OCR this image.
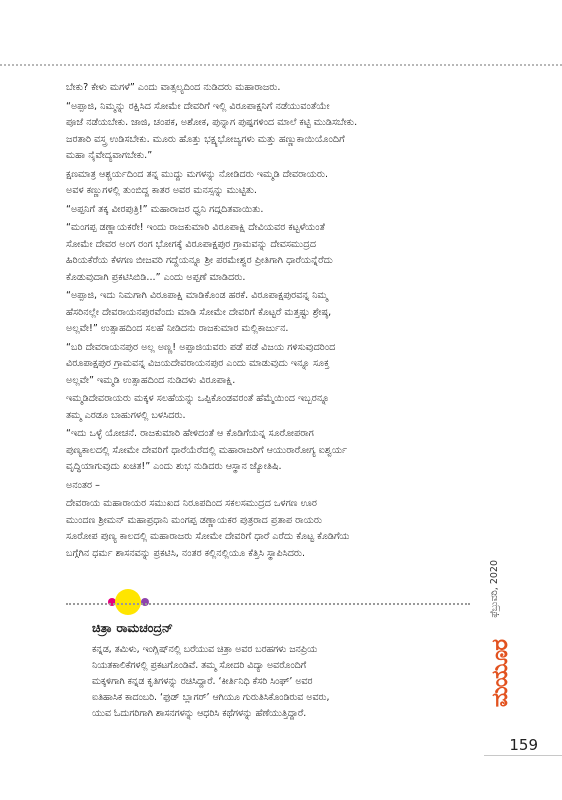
ಬೇಕು? ಕೇಳು ಮಗಳೆ” ಎಂದು ವಾತ್ಸಲ್ಯದಿಂದ ನುಡಿದರು ಮಹಾರಾಜರು.

“ಅಪ್ಪಾಜಿ, ನಿಮ್ಮನ್ನು ರಕ್ಷಿಸಿದ ಸೋಮೇ ದೇವರಿಗೆ ಇಲ್ಲಿ ವಿರೂಪಾಕ್ಷನಿಗೆ ನಡೆಯುವಂತೆಯೇ
ಪೂಜೆ ನಡೆಯಬೇಕು. ಜಾಜಿ, ಚಂಪಕ, ಅಶೋಕ, ಪುನ್ನಾಗ ಪುಷ್ಪಗಳಿಂದ ಮಾಲೆ ಕಟ್ಟಿ ಮುಡಿಸಬೇಕು.
ಜರತಾರಿ ವಸ್ತ್ರ ಉಡಿಸಬೇಕು. ಮೂರು ಹೊತ್ತು ಭಕ್ಷ್ಯಭೋಜ್ಯಗಳು ಮತ್ತು ಹಣ್ಣುಕಾಯಿಯೊಂದಿಗೆ
ಮಹಾ ನೈವೇದ್ಯವಾಗಬೇಕು.”

ಕ್ಷಣಮಾತ್ರ ಆಶ್ಚರ್ಯದಿಂದ ತನ್ನ ಮುದ್ದು ಮಗಳನ್ನು ನೋಡಿದರು ಇಮ್ಮಡಿ ದೇವರಾಯರು.
ಅವಳ ಕಣ್ಣುಗಳಲ್ಲಿ ತುಂಬಿದ್ದ ಕಾತರ ಅವರ ಮನಸ್ಸನ್ನು ಮುಟ್ಟಿತು.

“ಅಪ್ಪನಿಗೆ ತಕ್ಕ ವೀರಪುತ್ರಿ!” ಮಹಾರಾಜರ ಧ್ವನಿ ಗದ್ಗದಿತವಾಯಿತು.

“ಮಂಗಪ್ಪ ಡಣ್ಣಾಯಕರೇ! ಇಂದು ರಾಜಕುಮಾರಿ ವಿರೂಪಾಕ್ಷಿ ದೇವಿಯವರ ಕಟ್ಟಳೆಯಂತೆ
ಸೋಮೇ ದೇವರ ಅಂಗ ರಂಗ ಭೋಗಕ್ಕೆ ವಿರೂಪಾಕ್ಷಪುರ ಗ್ರಾಮವನ್ನು ದೇವಸಮುದ್ರದ
ಹಿರಿಯಕೆರೆಯ ಕೆಳಗಣ ಬೀಜವರಿ ಗದ್ದೆಯನ್ನೂ ಶ್ರೀ ಪರಮೇಶ್ವರ ಪ್ರೀತಿಗಾಗಿ ಧಾರೆಯನ್ನೆರೆದು
ಕೊಡುವುದಾಗಿ ಪ್ರಕಟಿಸಿಬಿಡಿ...” ಎಂದು ಅಪ್ಪಣೆ ಮಾಡಿದರು.

“ಅಪ್ಪಾಜಿ, ಇದು ನಿಮಗಾಗಿ ವಿರೂಪಾಕ್ಷಿ ಮಾಡಿಕೊಂಡ ಹರಕೆ. ವಿರೂಪಾಕ್ಷಪುರವನ್ನ ನಿಮ್ಮ
ಹೆಸರಿನಲ್ಲೇ ದೇವರಾಯನಪುರವೆಂದು ಮಾಡಿ ಸೋಮೇ ದೇವರಿಗೆ ಕೊಟ್ಟರೆ ಮತ್ತಷ್ಟು ಶ್ರೇಷ್ಠ,
ಅಲ್ಲವೇ!” ಉತ್ಸಾಹದಿಂದ ಸಲಹೆ ನೀಡಿದನು ರಾಜಕುಮಾರ ಮಲ್ಲಿಕಾರ್ಜುನ.

“ಬರಿ ದೇವರಾಯನಪುರ ಅಲ್ಲ ಅಣ್ಣ! ಅಪ್ಪಾಜಿಯವರು ಪಡೆ ಪಡೆ ವಿಜಯ ಗಳಿಸುವುದರಿಂದ
ವಿರೂಪಾಕ್ಷಪುರ ಗ್ರಾಮವನ್ನ ವಿಜಯದೇವರಾಯನಪುರ ಎಂದು ಮಾಡುವುದು ಇನ್ನೂ ಸೂಕ್ತ
ಅಲ್ಲವೇ” ಇಮ್ಮಡಿ ಉತ್ಸಾಹದಿಂದ ನುಡಿದಳು ವಿರೂಪಾಕ್ಷಿ.

ಇಮ್ಮಡಿದೇವರಾಯರು ಮಕ್ಕಳ ಸಲಹೆಯನ್ನು ಒಪ್ಪಿಕೊಂಡವರಂತೆ ಹೆಮ್ಮೆಯಿಂದ ಇಬ್ಬರನ್ನೂ
ತಮ್ಮ ಎರಡೂ ಬಾಹುಗಳಲ್ಲಿ ಬಳಸಿದರು.

“ಇದು ಒಳ್ಳೆ ಯೋಚನೆ. ರಾಜಕುಮಾರಿ ಹೇಳಿದಂತೆ ಆ ಕೊಡಿಗೆಯನ್ನ ಸೂರೋಪರಾಗ
ಪುಣ್ಯಕಾಲದಲ್ಲಿ ಸೋಮೇ ದೇವರಿಗೆ ಧಾರೆಯೆರೆದಲ್ಲಿ ಮಹಾರಾಜರಿಗೆ ಆಯುರಾರೋಗ್ಯ ಐಶ್ವರ್ಯ
ವೃದ್ಧಿಯಾಗುವುದು ಖಚಿತ!” ಎಂದು ಶುಭ ನುಡಿದರು ಆಸ್ಥಾನ ಜ್ಯೋತಿಷಿ.

ಅನಂತರ –

ದೇವರಾಯ ಮಹಾರಾಯರ ಸಮುಖದ ನಿರೂಪದಿಂದ ಸಕಲಸಮುದ್ರದ ಒಳಗಣ ಊರ
ಮುಂದಣ ಶ್ರೀಮನ್ ಮಹಾಪ್ರಧಾನಿ ಮಂಗಪ್ಪ ಡಣ್ಣಾಯಕರ ಪುತ್ರರಾದ ಪ್ರತಾಪ ರಾಯರು
ಸೂರೋಪ ಪುಣ್ಯ ಕಾಲದಲ್ಲಿ ಮಹಾರಾಜರು ಸೋಮೇ ದೇವರಿಗೆ ಧಾರೆ ಎರೆದು ಕೊಟ್ಟ ಕೊಡಿಗೆಯ
ಬಗ್ಗೆಗಿನ ಧರ್ಮ ಶಾಸನವನ್ನು ಪ್ರಕಟಿಸಿ, ನಂತರ ಕಲ್ಲಿನಲ್ಲಿಯೂ ಕೆತ್ತಿಸಿ ಸ್ಥಾಪಿಸಿದರು.

ಚಿತ್ರಾ ರಾಮಚಂದ್ರನ್

ಕನ್ನಡ, ತಮಿಳು, ಇಂಗ್ಲಿಷ್‌ನಲ್ಲಿ ಬರೆಯುವ ಚಿತ್ರಾ ಅವರ ಬರಹಗಳು ಜನಪ್ರಿಯ
ನಿಯತಕಾಲಿಕೆಗಳಲ್ಲಿ ಪ್ರಕಟಗೊಂಡಿವೆ. ತಮ್ಮ ಸೋದರಿ ವಿದ್ಯಾ ಅವರೊಂದಿಗೆ
ಮಕ್ಕಳಿಗಾಗಿ ಕನ್ನಡ ಕೃತಿಗಳನ್ನು ರಚಿಸಿದ್ದಾರೆ. ‘ಕೀರ್ತಿನಿಧಿ ಕೆಸರಿ ಸಿಂಘ್’ ಅವರ
ಐತಿಹಾಸಿಕ ಕಾದಂಬರಿ. ‘ಫುಡ್ ಬ್ಲಾಗರ್’ ಆಗಿಯೂ ಗುರುತಿಸಿಕೊಂಡಿರುವ ಅವರು,
ಯುವ ಓದುಗರಿಗಾಗಿ ಶಾಸನಗಳನ್ನು ಆಧರಿಸಿ ಕಥೆಗಳನ್ನು ಹೆಣೆಯುತ್ತಿದ್ದಾರೆ.

ಫೆಬ್ರುವರಿ, 2020
ಮಯೂರ
159
